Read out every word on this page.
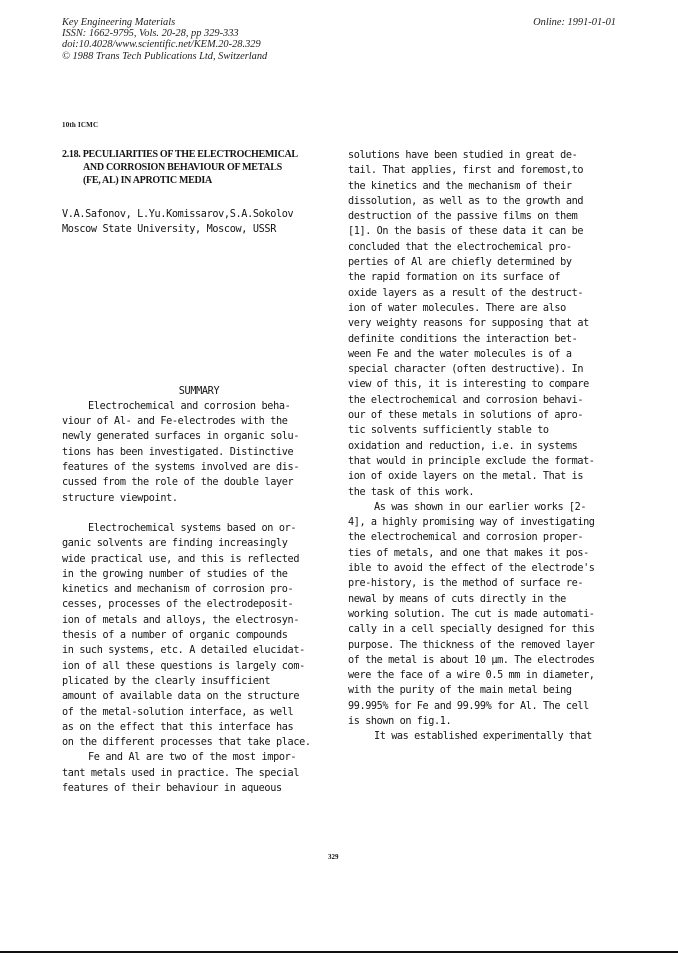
Key Engineering Materials
ISSN: 1662-9795, Vols. 20-28, pp 329-333
doi:10.4028/www.scientific.net/KEM.20-28.329
© 1988 Trans Tech Publications Ltd, Switzerland
Online: 1991-01-01
10th ICMC
2.18. PECULIARITIES OF THE ELECTROCHEMICAL
AND CORROSION BEHAVIOUR OF METALS
(FE, AL) IN APROTIC MEDIA
V.A.Safonov, L.Yu.Komissarov,S.A.Sokolov
Moscow State University, Moscow, USSR
SUMMARY
Electrochemical and corrosion beha-
viour of Al- and Fe-electrodes with the
newly generated surfaces in organic solu-
tions has been investigated. Distinctive
features of the systems involved are dis-
cussed from the role of the double layer
structure viewpoint.
Electrochemical systems based on or-
ganic solvents are finding increasingly
wide practical use, and this is reflected
in the growing number of studies of the
kinetics and mechanism of corrosion pro-
cesses, processes of the electrodeposit-
ion of metals and alloys, the electrosyn-
thesis of a number of organic compounds
in such systems, etc. A detailed elucidat-
ion of all these questions is largely com-
plicated by the clearly insufficient
amount of available data on the structure
of the metal-solution interface, as well
as on the effect that this interface has
on the different processes that take place.
Fe and Al are two of the most impor-
tant metals used in practice. The special
features of their behaviour in aqueous
solutions have been studied in great de-
tail. That applies, first and foremost,to
the kinetics and the mechanism of their
dissolution, as well as to the growth and
destruction of the passive films on them
[1]. On the basis of these data it can be
concluded that the electrochemical pro-
perties of Al are chiefly determined by
the rapid formation on its surface of
oxide layers as a result of the destruct-
ion of water molecules. There are also
very weighty reasons for supposing that at
definite conditions the interaction bet-
ween Fe and the water molecules is of a
special character (often destructive). In
view of this, it is interesting to compare
the electrochemical and corrosion behavi-
our of these metals in solutions of apro-
tic solvents sufficiently stable to
oxidation and reduction, i.e. in systems
that would in principle exclude the format-
ion of oxide layers on the metal. That is
the task of this work.
As was shown in our earlier works [2-
4], a highly promising way of investigating
the electrochemical and corrosion proper-
ties of metals, and one that makes it pos-
ible to avoid the effect of the electrode's
pre-history, is the method of surface re-
newal by means of cuts directly in the
working solution. The cut is made automati-
cally in a cell specially designed for this
purpose. The thickness of the removed layer
of the metal is about 10 µm. The electrodes
were the face of a wire 0.5 mm in diameter,
with the purity of the main metal being
99.995% for Fe and 99.99% for Al. The cell
is shown on fig.1.
It was established experimentally that
329
